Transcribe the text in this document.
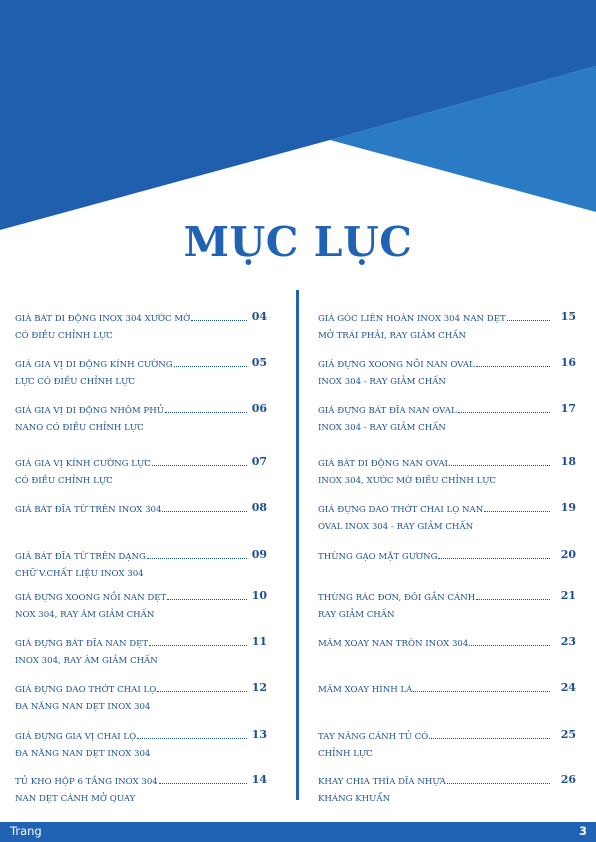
MỤC LỤC
GIÁ BÁT DI ĐỘNG INOX 304 XƯỚC MỜ
CÓ ĐIỀU CHỈNH LỰC
04
GIÁ GIA VỊ DI ĐỘNG KÍNH CƯỜNG
LỰC CÓ ĐIỀU CHỈNH LỰC
05
GIÁ GIA VỊ DI ĐỘNG NHÔM PHỦ
NANO CÓ ĐIỀU CHỈNH LỰC
06
GIÁ GIA VỊ KÍNH CƯỜNG LỰC
CÓ ĐIỀU CHỈNH LỰC
07
GIÁ BÁT ĐĨA TỪ TRÊN INOX 304	08
GIÁ BÁT ĐĨA TỪ TRÊN DẠNG
CHỮ V.CHẤT LIỆU INOX 304
09
GIÁ ĐỰNG XOONG NỒI NAN DẸT
NOX 304, RAY ÂM GIẢM CHẤN
10
GIÁ ĐỰNG BÁT ĐĨA NAN DẸT
INOX 304, RAY ÂM GIẢM CHẤN
11
GIÁ ĐỰNG DAO THỚT CHAI LỌ
ĐA NĂNG NAN DẸT INOX 304
12
GIÁ ĐỰNG GIA VỊ CHAI LỌ
ĐA NĂNG NAN DẸT INOX 304
13
TỦ KHO HỘP 6 TẦNG INOX 304
NAN DẸT CÁNH MỞ QUAY
14
GIÁ GÓC LIÊN HOÀN INOX 304 NAN DẸT
MỞ TRÁI PHẢI, RAY GIẢM CHẤN
15
GIÁ ĐỰNG XOONG NỒI NAN OVAL
INOX 304 - RAY GIẢM CHẤN
16
GIÁ ĐỰNG BÁT ĐĨA NAN OVAL
INOX 304 - RAY GIẢM CHẤN
17
GIÁ BÁT DI ĐỘNG NAN OVAL
INOX 304, XƯỚC MỜ ĐIỀU CHỈNH LỰC
18
GIÁ ĐỰNG DAO THỚT CHAI LỌ NAN
OVAL INOX 304 - RAY GIẢM CHẤN
19
THÙNG GẠO MẶT GƯƠNG	20
THÙNG RÁC ĐƠN, ĐÔI GẮN CÁNH
RAY GIẢM CHẤN
21
MÂM XOAY NAN TRÒN INOX 304	23
MÂM XOAY HÌNH LÁ	24
TAY NÂNG CÁNH TỦ CÓ
CHỈNH LỰC
25
KHAY CHIA THÌA DĨA NHỰA
KHÁNG KHUẨN
26
Trang	3
